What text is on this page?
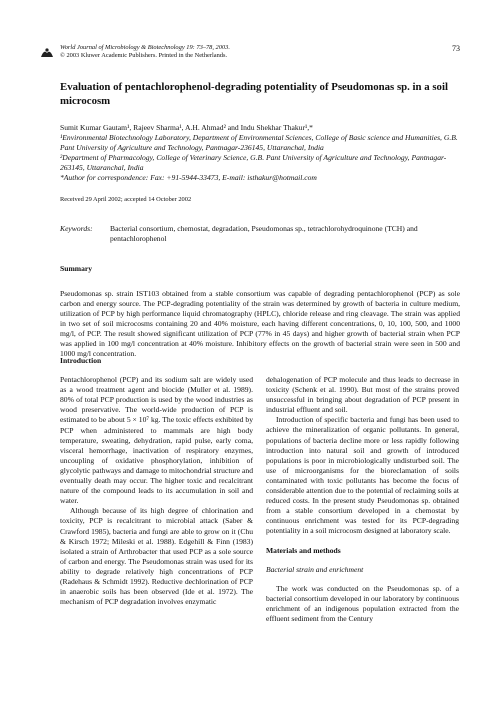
World Journal of Microbiology & Biotechnology 19: 73–78, 2003.
© 2003 Kluwer Academic Publishers. Printed in the Netherlands.
73
Evaluation of pentachlorophenol-degrading potentiality of Pseudomonas sp. in a soil microcosm
Sumit Kumar Gautam¹, Rajeev Sharma¹, A.H. Ahmad² and Indu Shekhar Thakur¹,*
¹Environmental Biotechnology Laboratory, Department of Environmental Sciences, College of Basic science and Humanities, G.B. Pant University of Agriculture and Technology, Pantnagar-236145, Uttaranchal, India
²Department of Pharmacology, College of Veterinary Science, G.B. Pant University of Agriculture and Technology, Pantnagar-263145, Uttaranchal, India
*Author for correspondence: Fax: +91-5944-33473, E-mail: isthakur@hotmail.com
Received 29 April 2002; accepted 14 October 2002
Keywords:	Bacterial consortium, chemostat, degradation, Pseudomonas sp., tetrachlorohydroquinone (TCH) and pentachlorophenol
Summary

Pseudomonas sp. strain IST103 obtained from a stable consortium was capable of degrading pentachlorophenol (PCP) as sole carbon and energy source. The PCP-degrading potentiality of the strain was determined by growth of bacteria in culture medium, utilization of PCP by high performance liquid chromatography (HPLC), chloride release and ring cleavage. The strain was applied in two set of soil microcosms containing 20 and 40% moisture, each having different concentrations, 0, 10, 100, 500, and 1000 mg/l, of PCP. The result showed significant utilization of PCP (77% in 45 days) and higher growth of bacterial strain when PCP was applied in 100 mg/l concentration at 40% moisture. Inhibitory effects on the growth of bacterial strain were seen in 500 and 1000 mg/l concentration.

Introduction

Pentachlorophenol (PCP) and its sodium salt are widely used as a wood treatment agent and biocide (Muller et al. 1989). 80% of total PCP production is used by the wood industries as wood preservative. The world-wide production of PCP is estimated to be about 5 × 10⁷ kg. The toxic effects exhibited by PCP when administered to mammals are high body temperature, sweating, dehydration, rapid pulse, early coma, visceral hemorrhage, inactivation of respiratory enzymes, uncoupling of oxidative phosphorylation, inhibition of glycolytic pathways and damage to mitochondrial structure and eventually death may occur. The higher toxic and recalcitrant nature of the compound leads to its accumulation in soil and water.

Although because of its high degree of chlorination and toxicity, PCP is recalcitrant to microbial attack (Saber & Crawford 1985), bacteria and fungi are able to grow on it (Chu & Kirsch 1972; Mileski et al. 1988). Edgehill & Finn (1983) isolated a strain of Arthrobacter that used PCP as a sole source of carbon and energy. The Pseudomonas strain was used for its ability to degrade relatively high concentrations of PCP (Radehaus & Schmidt 1992). Reductive dechlorination of PCP in anaerobic soils has been observed (Ide et al. 1972). The mechanism of PCP degradation involves enzymatic

dehalogenation of PCP molecule and thus leads to decrease in toxicity (Schenk et al. 1990). But most of the strains proved unsuccessful in bringing about degradation of PCP present in industrial effluent and soil.

Introduction of specific bacteria and fungi has been used to achieve the mineralization of organic pollutants. In general, populations of bacteria decline more or less rapidly following introduction into natural soil and growth of introduced populations is poor in microbiologically undisturbed soil. The use of microorganisms for the bioreclamation of soils contaminated with toxic pollutants has become the focus of considerable attention due to the potential of reclaiming soils at reduced costs. In the present study Pseudomonas sp. obtained from a stable consortium developed in a chemostat by continuous enrichment was tested for its PCP-degrading potentiality in a soil microcosm designed at laboratory scale.

Materials and methods
Bacterial strain and enrichment

The work was conducted on the Pseudomonas sp. of a bacterial consortium developed in our laboratory by continuous enrichment of an indigenous population extracted from the effluent sediment from the Century
